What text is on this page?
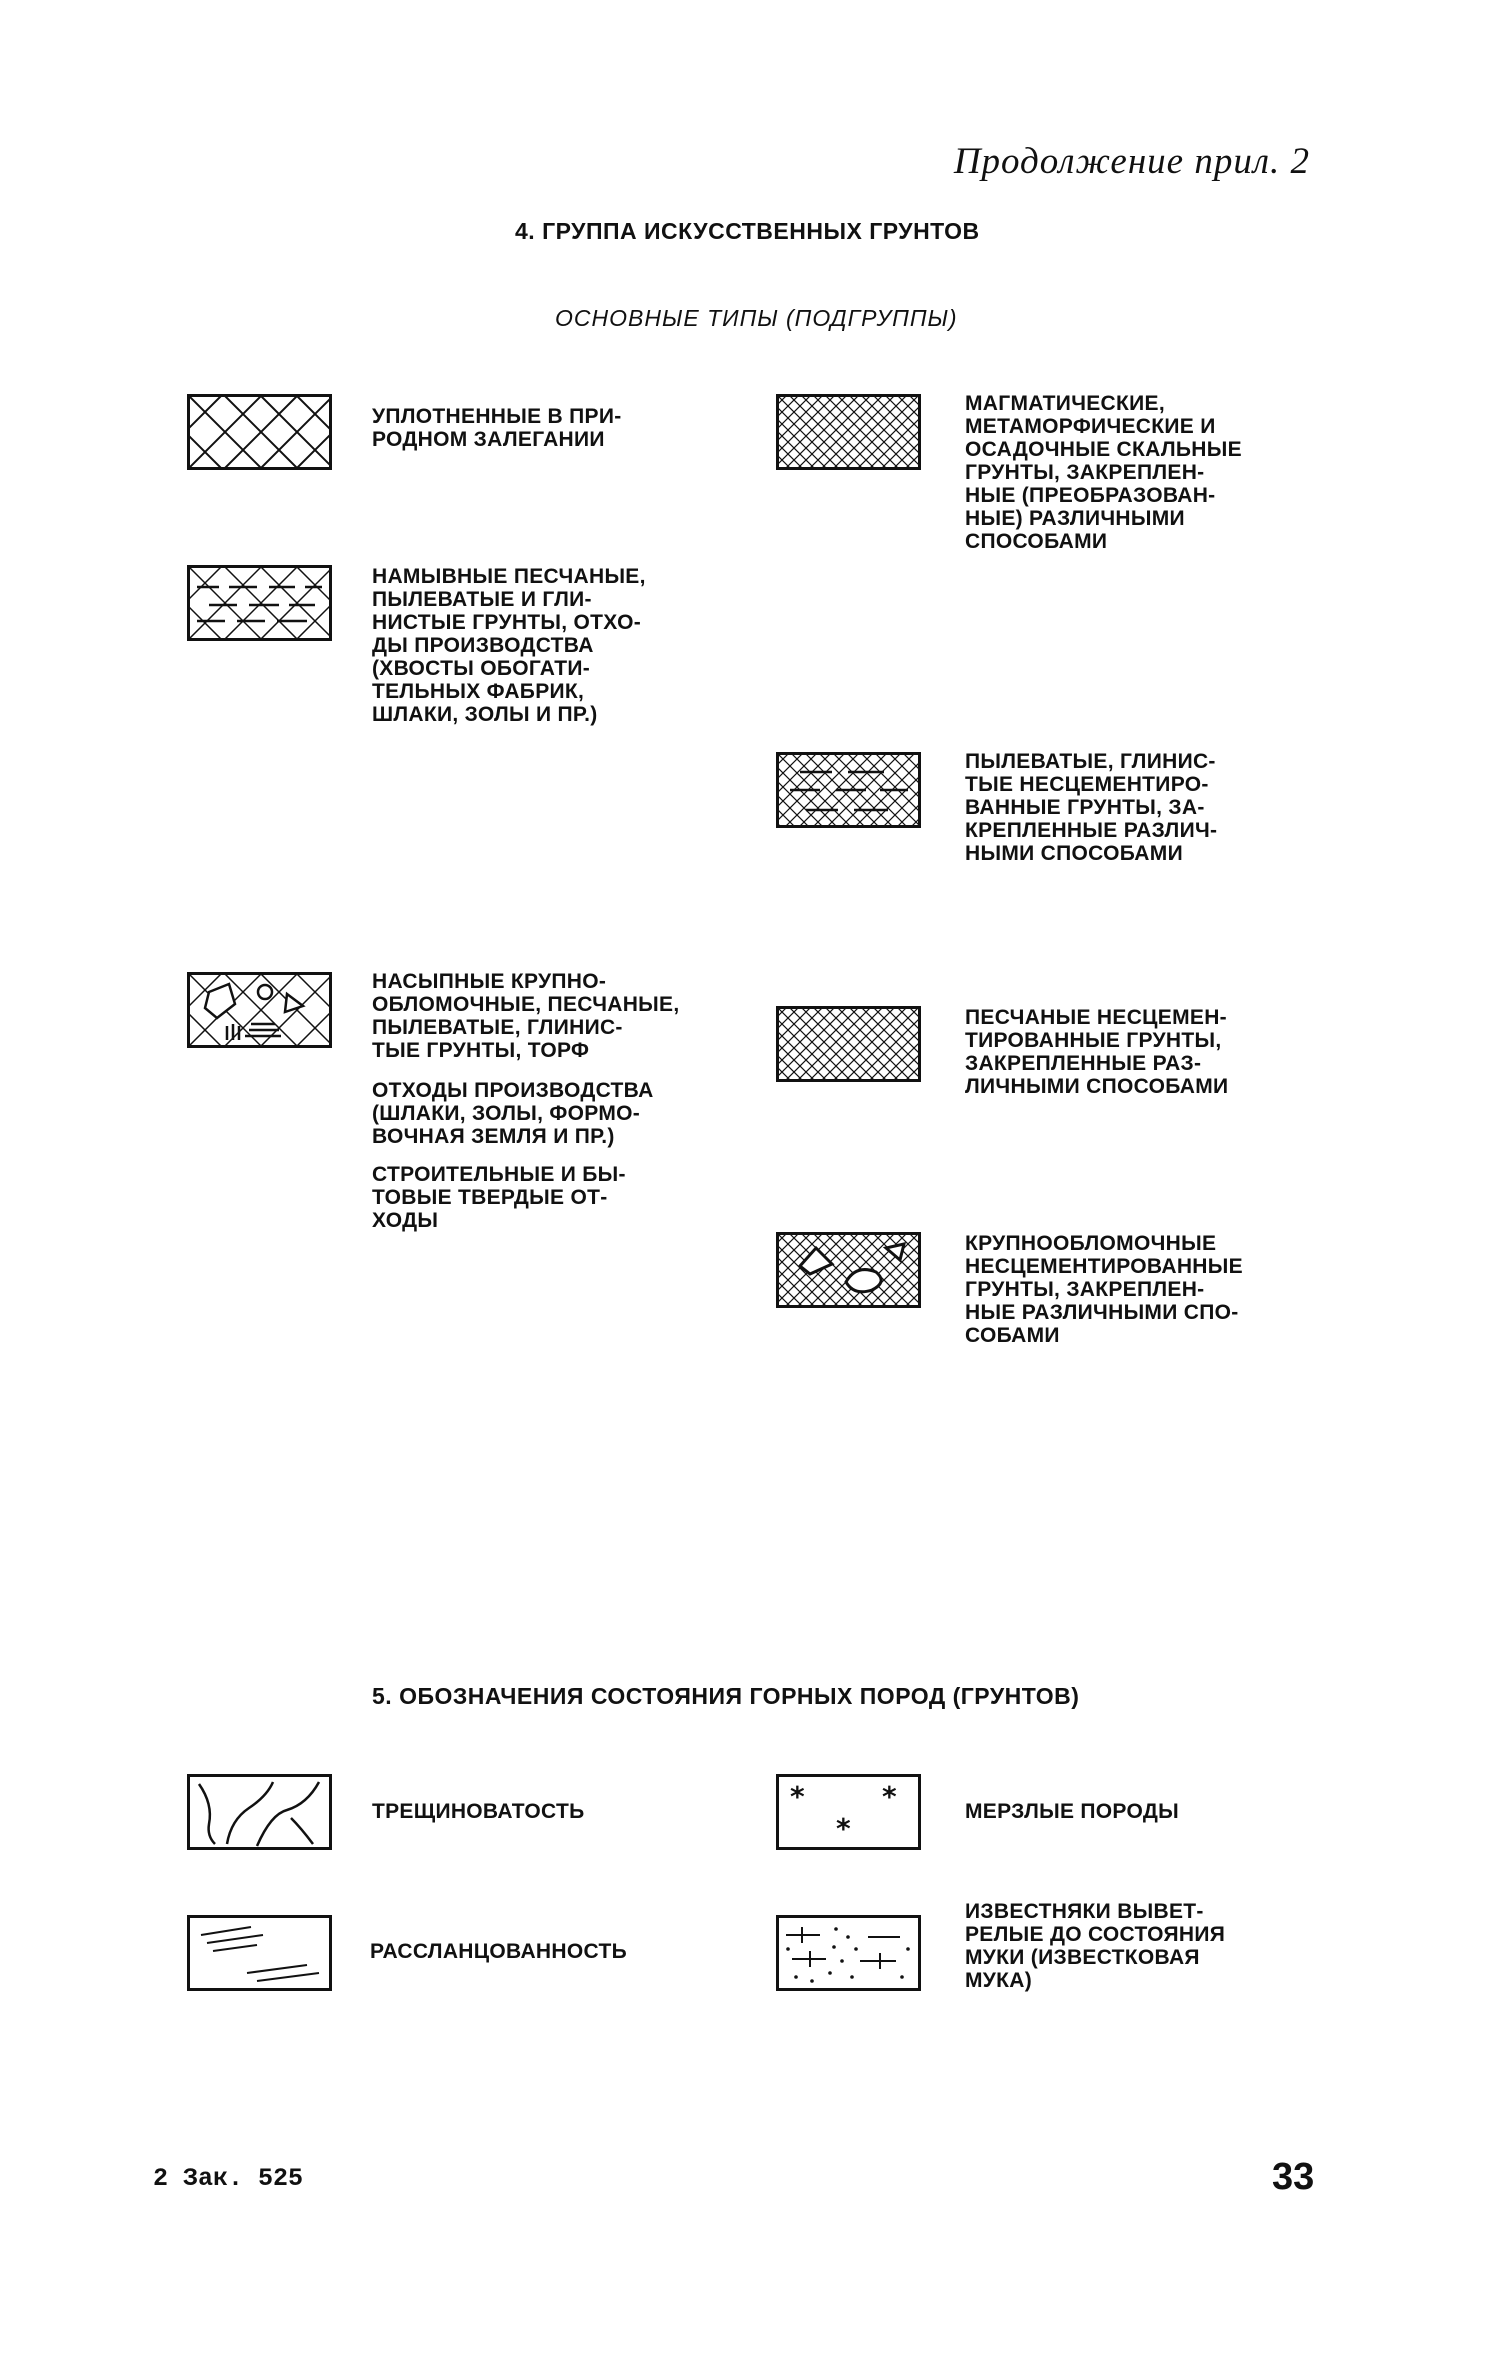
Продолжение прил. 2
4. ГРУППА ИСКУССТВЕННЫХ ГРУНТОВ
ОСНОВНЫЕ ТИПЫ (ПОДГРУППЫ)
УПЛОТНЕННЫЕ В ПРИ-
РОДНОМ ЗАЛЕГАНИИ
НАМЫВНЫЕ ПЕСЧАНЫЕ,
ПЫЛЕВАТЫЕ И ГЛИ-
НИСТЫЕ ГРУНТЫ, ОТХО-
ДЫ ПРОИЗВОДСТВА
(ХВОСТЫ ОБОГАТИ-
ТЕЛЬНЫХ ФАБРИК,
ШЛАКИ, ЗОЛЫ И ПР.)
НАСЫПНЫЕ КРУПНО-
ОБЛОМОЧНЫЕ, ПЕСЧАНЫЕ,
ПЫЛЕВАТЫЕ, ГЛИНИС-
ТЫЕ ГРУНТЫ, ТОРФ
ОТХОДЫ ПРОИЗВОДСТВА
(ШЛАКИ, ЗОЛЫ, ФОРМО-
ВОЧНАЯ ЗЕМЛЯ И ПР.)
СТРОИТЕЛЬНЫЕ И БЫ-
ТОВЫЕ ТВЕРДЫЕ ОТ-
ХОДЫ
МАГМАТИЧЕСКИЕ,
МЕТАМОРФИЧЕСКИЕ И
ОСАДОЧНЫЕ СКАЛЬНЫЕ
ГРУНТЫ, ЗАКРЕПЛЕН-
НЫЕ (ПРЕОБРАЗОВАН-
НЫЕ) РАЗЛИЧНЫМИ
СПОСОБАМИ
ПЫЛЕВАТЫЕ, ГЛИНИС-
ТЫЕ НЕСЦЕМЕНТИРО-
ВАННЫЕ ГРУНТЫ, ЗА-
КРЕПЛЕННЫЕ РАЗЛИЧ-
НЫМИ СПОСОБАМИ
ПЕСЧАНЫЕ НЕСЦЕМЕН-
ТИРОВАННЫЕ ГРУНТЫ,
ЗАКРЕПЛЕННЫЕ РАЗ-
ЛИЧНЫМИ СПОСОБАМИ
КРУПНООБЛОМОЧНЫЕ
НЕСЦЕМЕНТИРОВАННЫЕ
ГРУНТЫ, ЗАКРЕПЛЕН-
НЫЕ РАЗЛИЧНЫМИ СПО-
СОБАМИ
5. ОБОЗНАЧЕНИЯ СОСТОЯНИЯ ГОРНЫХ ПОРОД (ГРУНТОВ)
ТРЕЩИНОВАТОСТЬ
РАССЛАНЦОВАННОСТЬ
*	*
*
МЕРЗЛЫЕ ПОРОДЫ
ИЗВЕСТНЯКИ ВЫВЕТ-
РЕЛЫЕ ДО СОСТОЯНИЯ
МУКИ (ИЗВЕСТКОВАЯ
МУКА)
2 Зак. 525	33
